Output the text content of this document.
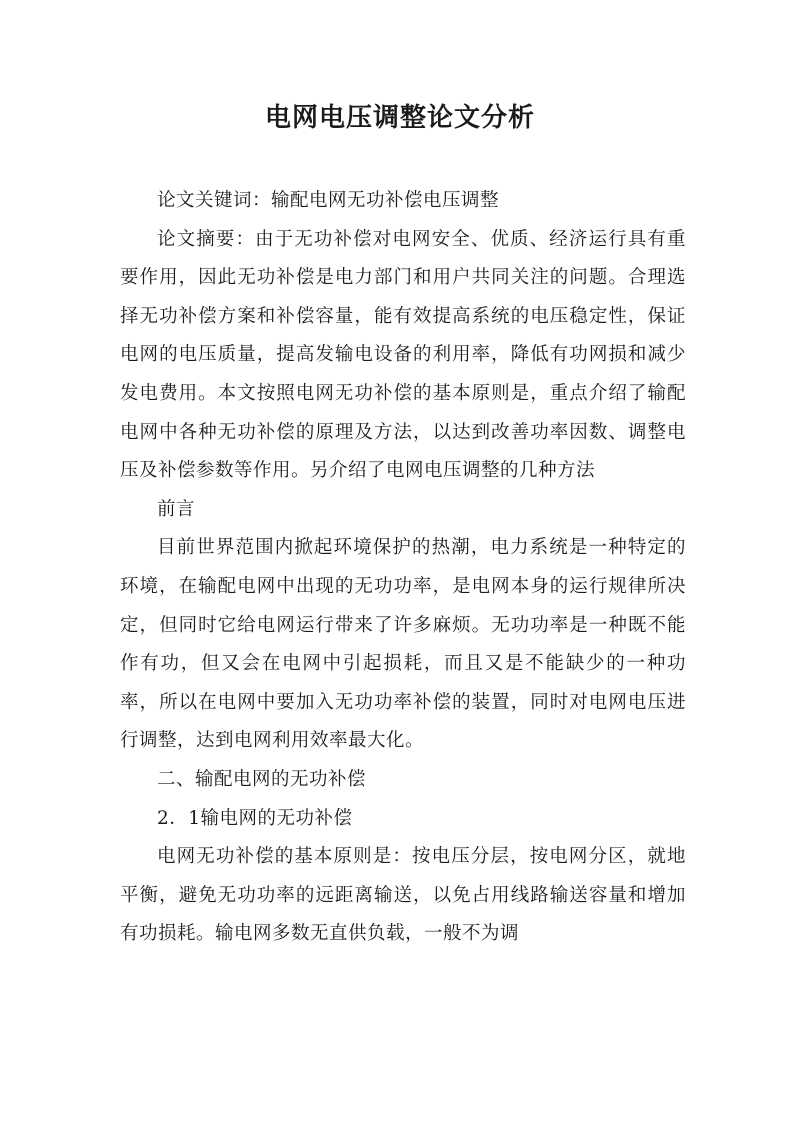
电网电压调整论文分析

论文关键词：输配电网无功补偿电压调整

论文摘要：由于无功补偿对电网安全、优质、经济运行具有重要作用，因此无功补偿是电力部门和用户共同关注的问题。合理选择无功补偿方案和补偿容量，能有效提高系统的电压稳定性，保证电网的电压质量，提高发输电设备的利用率，降低有功网损和减少发电费用。本文按照电网无功补偿的基本原则是，重点介绍了输配电网中各种无功补偿的原理及方法，以达到改善功率因数、调整电压及补偿参数等作用。另介绍了电网电压调整的几种方法

前言

目前世界范围内掀起环境保护的热潮，电力系统是一种特定的环境，在输配电网中出现的无功功率，是电网本身的运行规律所决定，但同时它给电网运行带来了许多麻烦。无功功率是一种既不能作有功，但又会在电网中引起损耗，而且又是不能缺少的一种功率，所以在电网中要加入无功功率补偿的装置，同时对电网电压进行调整，达到电网利用效率最大化。

二、输配电网的无功补偿

2．1输电网的无功补偿

电网无功补偿的基本原则是：按电压分层，按电网分区，就地平衡，避免无功功率的远距离输送，以免占用线路输送容量和增加有功损耗。输电网多数无直供负载，一般不为调
